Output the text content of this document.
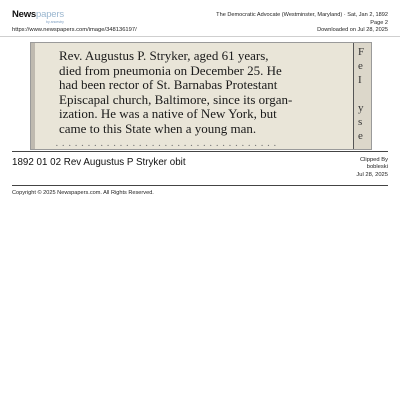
Newspapers
by ancestry
https://www.newspapers.com/image/348136197/
The Democratic Advocate (Westminster, Maryland) · Sat, Jan 2, 1892
Page 2
Downloaded on Jul 28, 2025
Rev. Augustus P. Stryker, aged 61 years,
died from pneumonia on December 25. He
had been rector of St. Barnabas Protestant
Episcapal church, Baltimore, since its organ-
ization. He was a native of New York, but
came to this State when a young man.
· · · · · · · · · · · · · · · · · · · · · · · · · · · · · · · · · · ·
F
e
I

y
s
e
1892 01 02 Rev Augustus P Stryker obit	Clipped By
bobleski
Jul 28, 2025
Copyright © 2025 Newspapers.com. All Rights Reserved.
